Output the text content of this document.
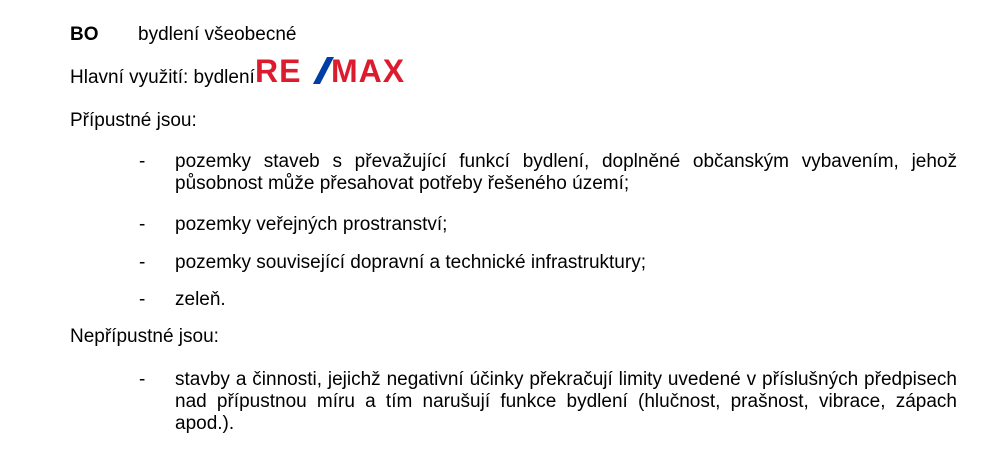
BO bydlení všeobecné
Hlavní využití: bydlení RE MAX
Přípustné jsou:
- pozemky staveb s převažující funkcí bydlení, doplněné občanským vybavením, jehož působnost může přesahovat potřeby řešeného území;
- pozemky veřejných prostranství;
- pozemky související dopravní a technické infrastruktury;
- zeleň.
Nepřípustné jsou:
- stavby a činnosti, jejichž negativní účinky překračují limity uvedené v příslušných předpisech nad přípustnou míru a tím narušují funkce bydlení (hlučnost, prašnost, vibrace, zápach apod.).
